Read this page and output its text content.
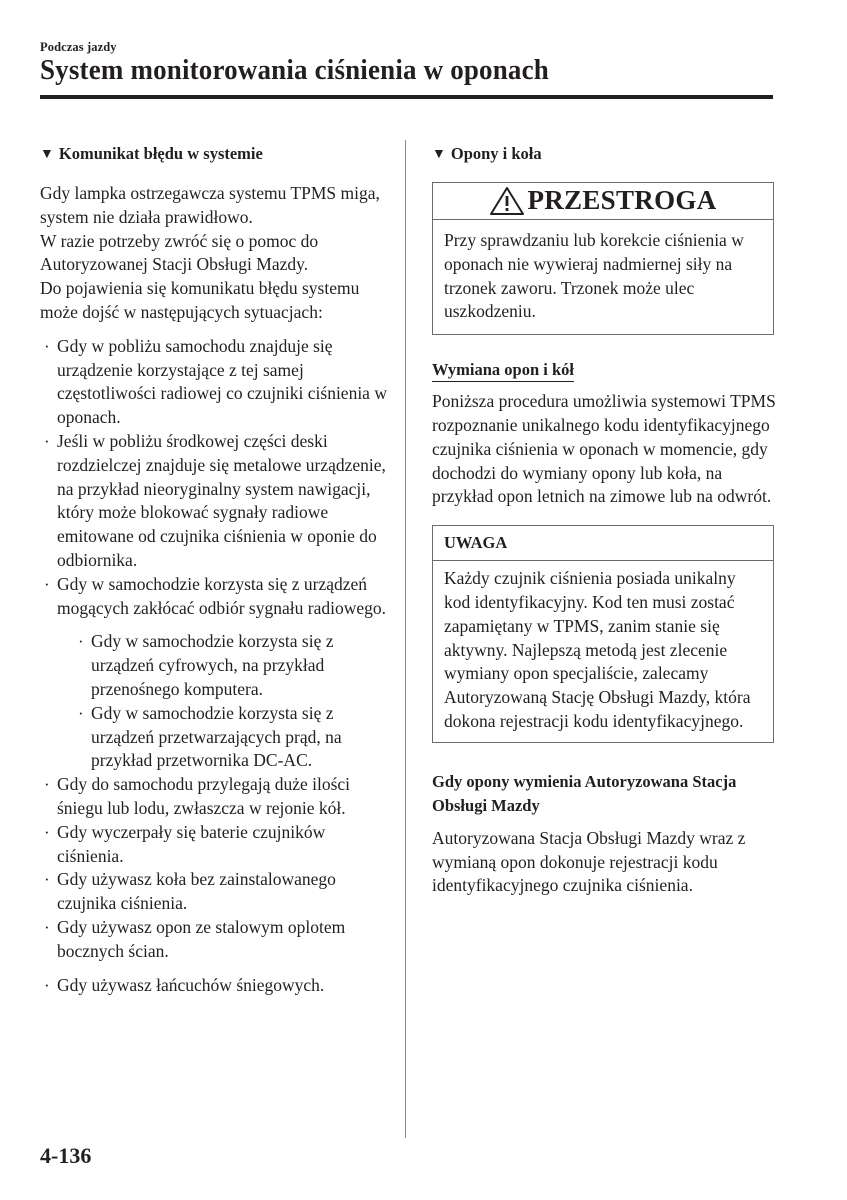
Podczas jazdy
System monitorowania ciśnienia w oponach
▼ Komunikat błędu w systemie

Gdy lampka ostrzegawcza systemu TPMS miga, system nie działa prawidłowo.

W razie potrzeby zwróć się o pomoc do Autoryzowanej Stacji Obsługi Mazdy.

Do pojawienia się komunikatu błędu systemu może dojść w następujących sytuacjach:

· Gdy w pobliżu samochodu znajduje się urządzenie korzystające z tej samej częstotliwości radiowej co czujniki ciśnienia w oponach.
· Jeśli w pobliżu środkowej części deski rozdzielczej znajduje się metalowe urządzenie, na przykład nieoryginalny system nawigacji, który może blokować sygnały radiowe emitowane od czujnika ciśnienia w oponie do odbiornika.
· Gdy w samochodzie korzysta się z urządzeń mogących zakłócać odbiór sygnału radiowego.
· Gdy w samochodzie korzysta się z urządzeń cyfrowych, na przykład przenośnego komputera.
· Gdy w samochodzie korzysta się z urządzeń przetwarzających prąd, na przykład przetwornika DC-AC.
· Gdy do samochodu przylegają duże ilości śniegu lub lodu, zwłaszcza w rejonie kół.
· Gdy wyczerpały się baterie czujników ciśnienia.
· Gdy używasz koła bez zainstalowanego czujnika ciśnienia.
· Gdy używasz opon ze stalowym oplotem bocznych ścian.
· Gdy używasz łańcuchów śniegowych.
▼ Opony i koła
PRZESTROGA
Przy sprawdzaniu lub korekcie ciśnienia w oponach nie wywieraj nadmiernej siły na trzonek zaworu. Trzonek może ulec uszkodzeniu.
Wymiana opon i kół

Poniższa procedura umożliwia systemowi TPMS rozpoznanie unikalnego kodu identyfikacyjnego czujnika ciśnienia w oponach w momencie, gdy dochodzi do wymiany opony lub koła, na przykład opon letnich na zimowe lub na odwrót.

UWAGA
Każdy czujnik ciśnienia posiada unikalny kod identyfikacyjny. Kod ten musi zostać zapamiętany w TPMS, zanim stanie się aktywny. Najlepszą metodą jest zlecenie wymiany opon specjaliście, zalecamy Autoryzowaną Stację Obsługi Mazdy, która dokona rejestracji kodu identyfikacyjnego.
Gdy opony wymienia Autoryzowana Stacja Obsługi Mazdy

Autoryzowana Stacja Obsługi Mazdy wraz z wymianą opon dokonuje rejestracji kodu identyfikacyjnego czujnika ciśnienia.

4-136
